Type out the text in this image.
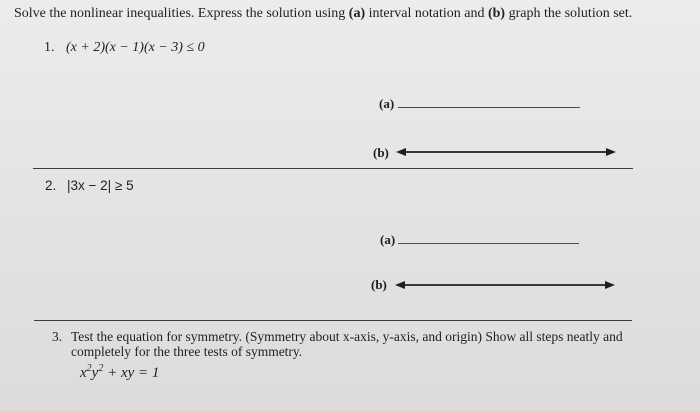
Solve the nonlinear inequalities. Express the solution using (a) interval notation and (b) graph the solution set.
1. (x + 2)(x − 1)(x − 3) ≤ 0
(a)
(b)
2. |3x − 2| ≥ 5
(a)
(b)
3. Test the equation for symmetry. (Symmetry about x-axis, y-axis, and origin) Show all steps neatly and completely for the three tests of symmetry.
$x^2y^2$ + xy = 1
